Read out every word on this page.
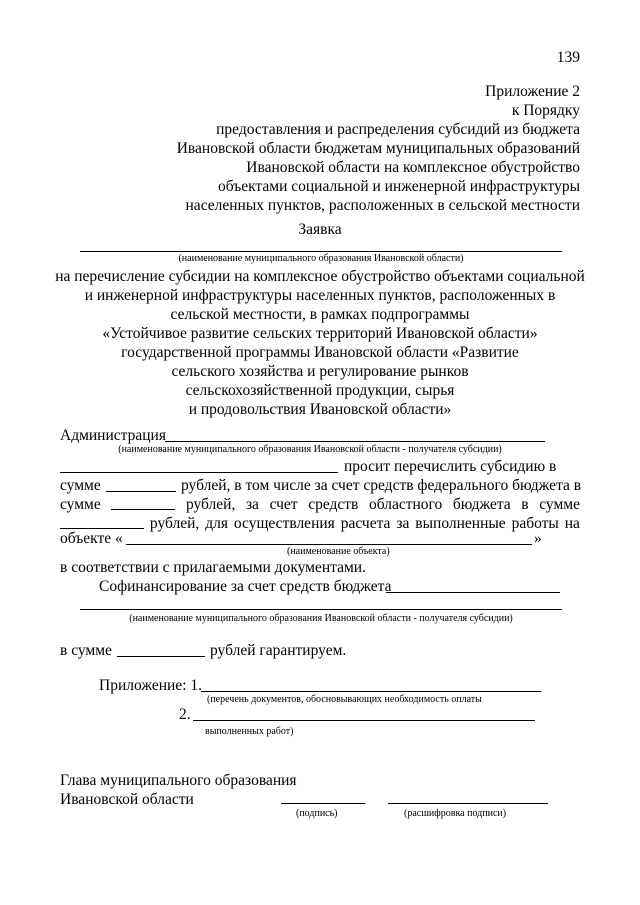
139
Приложение 2
к Порядку
предоставления и распределения субсидий из бюджета
Ивановской области бюджетам муниципальных образований
Ивановской области на комплексное обустройство
объектами социальной и инженерной инфраструктуры
населенных пунктов, расположенных в сельской местности
Заявка
(наименование муниципального образования Ивановской области)
на перечисление субсидии на комплексное обустройство объектами социальной
и инженерной инфраструктуры населенных пунктов, расположенных в
сельской местности, в рамках подпрограммы
«Устойчивое развитие сельских территорий Ивановской области»
государственной программы Ивановской области «Развитие
сельского хозяйства и регулирование рынков
сельскохозяйственной продукции, сырья
и продовольствия Ивановской области»
Администрация
(наименование муниципального образования Ивановской области - получателя субсидии)
просит перечислить субсидию в
сумме	рублей, в том числе за счет средств федерального бюджета в
сумме	рублей, за счет средств областного бюджета в сумме
рублей, для осуществления расчета за выполненные работы на
объекте «	»
(наименование объекта)
в соответствии с прилагаемыми документами.
Софинансирование за счет средств бюджета
(наименование муниципального образования Ивановской области - получателя субсидии)
в сумме	рублей гарантируем.
Приложение: 1.
(перечень документов, обосновывающих необходимость оплаты
2.
выполненных работ)
Глава муниципального образования
Ивановской области
(подпись)	(расшифровка подписи)
